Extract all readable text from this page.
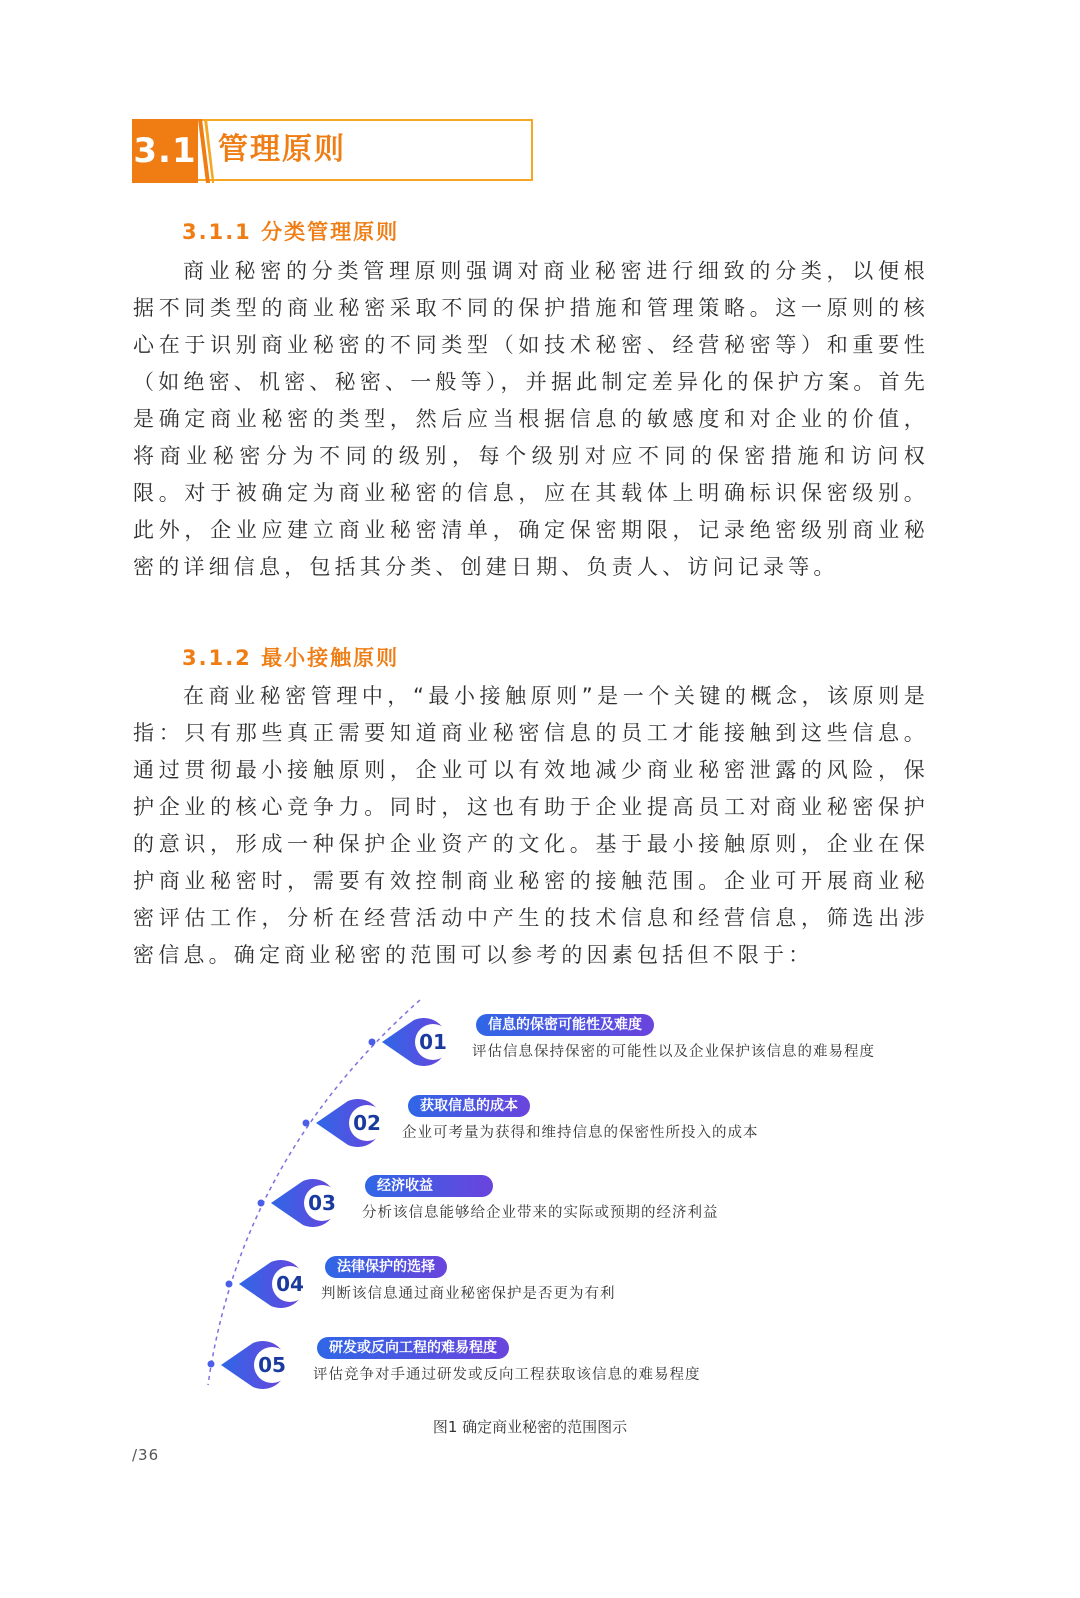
3.1 管理原则
3.1.1 分类管理原则

商业秘密的分类管理原则强调对商业秘密进行细致的分类，以便根据不同类型的商业秘密采取不同的保护措施和管理策略。这一原则的核心在于识别商业秘密的不同类型（如技术秘密、经营秘密等）和重要性（如绝密、机密、秘密、一般等），并据此制定差异化的保护方案。首先是确定商业秘密的类型，然后应当根据信息的敏感度和对企业的价值，将商业秘密分为不同的级别，每个级别对应不同的保密措施和访问权限。对于被确定为商业秘密的信息，应在其载体上明确标识保密级别。此外，企业应建立商业秘密清单，确定保密期限，记录绝密级别商业秘密的详细信息，包括其分类、创建日期、负责人、访问记录等。

3.1.2 最小接触原则

在商业秘密管理中，“最小接触原则”是一个关键的概念，该原则是指：只有那些真正需要知道商业秘密信息的员工才能接触到这些信息。通过贯彻最小接触原则，企业可以有效地减少商业秘密泄露的风险，保护企业的核心竞争力。同时，这也有助于企业提高员工对商业秘密保护的意识，形成一种保护企业资产的文化。基于最小接触原则，企业在保护商业秘密时，需要有效控制商业秘密的接触范围。企业可开展商业秘密评估工作，分析在经营活动中产生的技术信息和经营信息，筛选出涉密信息。确定商业秘密的范围可以参考的因素包括但不限于：

01
信息的保密可能性及难度
评估信息保持保密的可能性以及企业保护该信息的难易程度
02
获取信息的成本
企业可考量为获得和维持信息的保密性所投入的成本
03
经济收益
分析该信息能够给企业带来的实际或预期的经济利益
04
法律保护的选择
判断该信息通过商业秘密保护是否更为有利
05
研发或反向工程的难易程度
评估竞争对手通过研发或反向工程获取该信息的难易程度
图1 确定商业秘密的范围图示
/36
